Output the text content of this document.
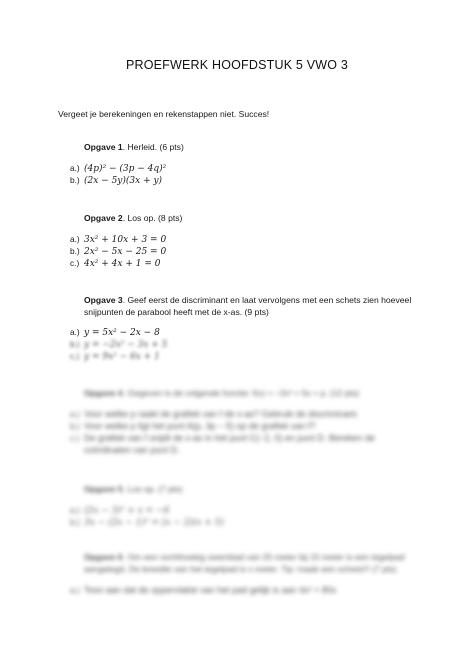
PROEFWERK HOOFDSTUK 5 VWO 3
Vergeet je berekeningen en rekenstappen niet. Succes!
Opgave 1. Herleid. (6 pts)
a.) (4p)² − (3p − 4q)²
b.) (2x − 5y)(3x + y)
Opgave 2. Los op. (8 pts)
a.) 3x² + 10x + 3 = 0
b.) 2x² − 5x − 25 = 0
c.) 4x² + 4x + 1 = 0
Opgave 3. Geef eerst de discriminant en laat vervolgens met een schets zien hoeveel snijpunten de parabool heeft met de x-as. (9 pts)
a.) y = 5x² − 2x − 8
b.) y = −2x² − 3x + 5
c.) y = 9x² − 6x + 1
Opgave 4. Gegeven is de volgende functie: f(x) = −2x² + 5x + p. (12 pts)
a.) Voor welke p raakt de grafiek van f de x-as? Gebruik de discriminant.
b.) Voor welke p ligt het punt A(p, 3p − 5) op de grafiek van f?
c.) De grafiek van f snijdt de x-as in het punt C(−2, 0) en punt D. Bereken de coördinaten van punt D.
Opgave 5. Los op. (7 pts)
a.) (2x − 3)² + x = −6
b.) 3x − (2x − 1)² = (x − 2)(x + 5)
Opgave 6. Om een rechthoekig zwembad van 25 meter bij 15 meter is een tegelpad aangelegd. De breedte van het tegelpad is x meter. Tip: maak een schets!!! (7 pts)
a.) Toon aan dat de oppervlakte van het pad gelijk is aan 4x² + 80x
